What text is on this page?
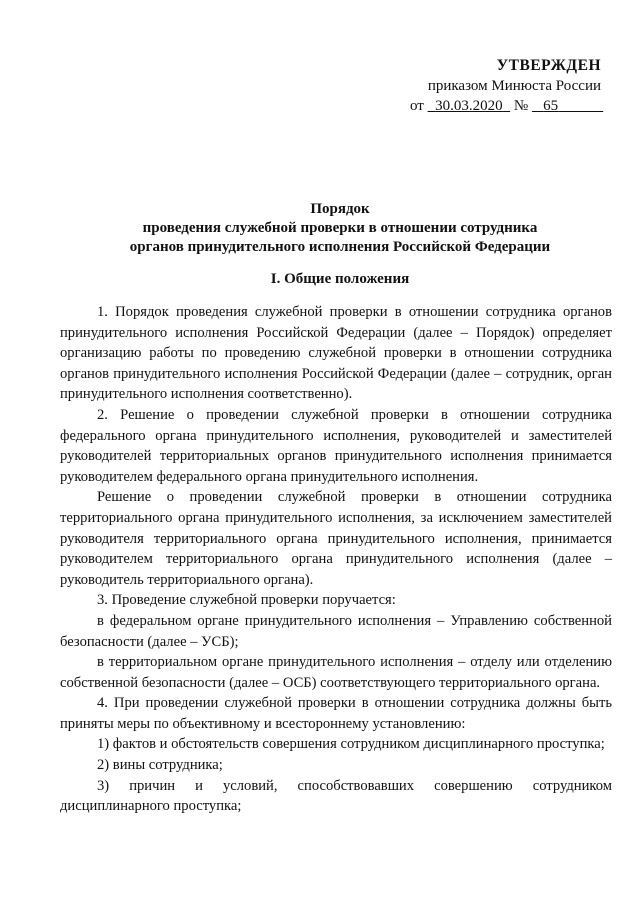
УТВЕРЖДЕН
приказом Минюста России
от 30.03.2020 № 65
Порядок
проведения служебной проверки в отношении сотрудника
органов принудительного исполнения Российской Федерации
I. Общие положения

1. Порядок проведения служебной проверки в отношении сотрудника органов принудительного исполнения Российской Федерации (далее – Порядок) определяет организацию работы по проведению служебной проверки в отношении сотрудника органов принудительного исполнения Российской Федерации (далее – сотрудник, орган принудительного исполнения соответственно).

2. Решение о проведении служебной проверки в отношении сотрудника федерального органа принудительного исполнения, руководителей и заместителей руководителей территориальных органов принудительного исполнения принимается руководителем федерального органа принудительного исполнения.

Решение о проведении служебной проверки в отношении сотрудника территориального органа принудительного исполнения, за исключением заместителей руководителя территориального органа принудительного исполнения, принимается руководителем территориального органа принудительного исполнения (далее – руководитель территориального органа).

3. Проведение служебной проверки поручается:

в федеральном органе принудительного исполнения – Управлению собственной безопасности (далее – УСБ);

в территориальном органе принудительного исполнения – отделу или отделению собственной безопасности (далее – ОСБ) соответствующего территориального органа.

4. При проведении служебной проверки в отношении сотрудника должны быть приняты меры по объективному и всестороннему установлению:

1) фактов и обстоятельств совершения сотрудником дисциплинарного проступка;

2) вины сотрудника;

3) причин и условий, способствовавших совершению сотрудником дисциплинарного проступка;
